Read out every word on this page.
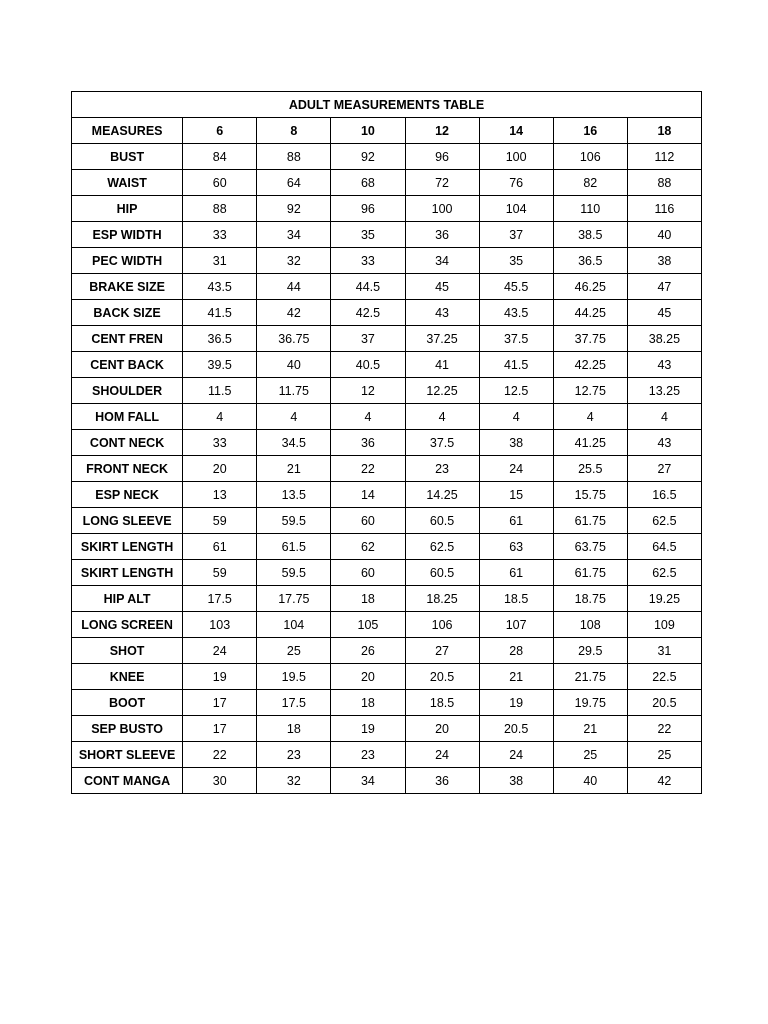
ADULT MEASUREMENTS TABLE							
MEASURES	6	8	10	12	14	16	18
BUST	84	88	92	96	100	106	112
WAIST	60	64	68	72	76	82	88
HIP	88	92	96	100	104	110	116
ESP WIDTH	33	34	35	36	37	38.5	40
PEC WIDTH	31	32	33	34	35	36.5	38
BRAKE SIZE	43.5	44	44.5	45	45.5	46.25	47
BACK SIZE	41.5	42	42.5	43	43.5	44.25	45
CENT FREN	36.5	36.75	37	37.25	37.5	37.75	38.25
CENT BACK	39.5	40	40.5	41	41.5	42.25	43
SHOULDER	11.5	11.75	12	12.25	12.5	12.75	13.25
HOM FALL	4	4	4	4	4	4	4
CONT NECK	33	34.5	36	37.5	38	41.25	43
FRONT NECK	20	21	22	23	24	25.5	27
ESP NECK	13	13.5	14	14.25	15	15.75	16.5
LONG SLEEVE	59	59.5	60	60.5	61	61.75	62.5
SKIRT LENGTH	61	61.5	62	62.5	63	63.75	64.5
SKIRT LENGTH	59	59.5	60	60.5	61	61.75	62.5
HIP ALT	17.5	17.75	18	18.25	18.5	18.75	19.25
LONG SCREEN	103	104	105	106	107	108	109
SHOT	24	25	26	27	28	29.5	31
KNEE	19	19.5	20	20.5	21	21.75	22.5
BOOT	17	17.5	18	18.5	19	19.75	20.5
SEP BUSTO	17	18	19	20	20.5	21	22
SHORT SLEEVE	22	23	23	24	24	25	25
CONT MANGA	30	32	34	36	38	40	42
